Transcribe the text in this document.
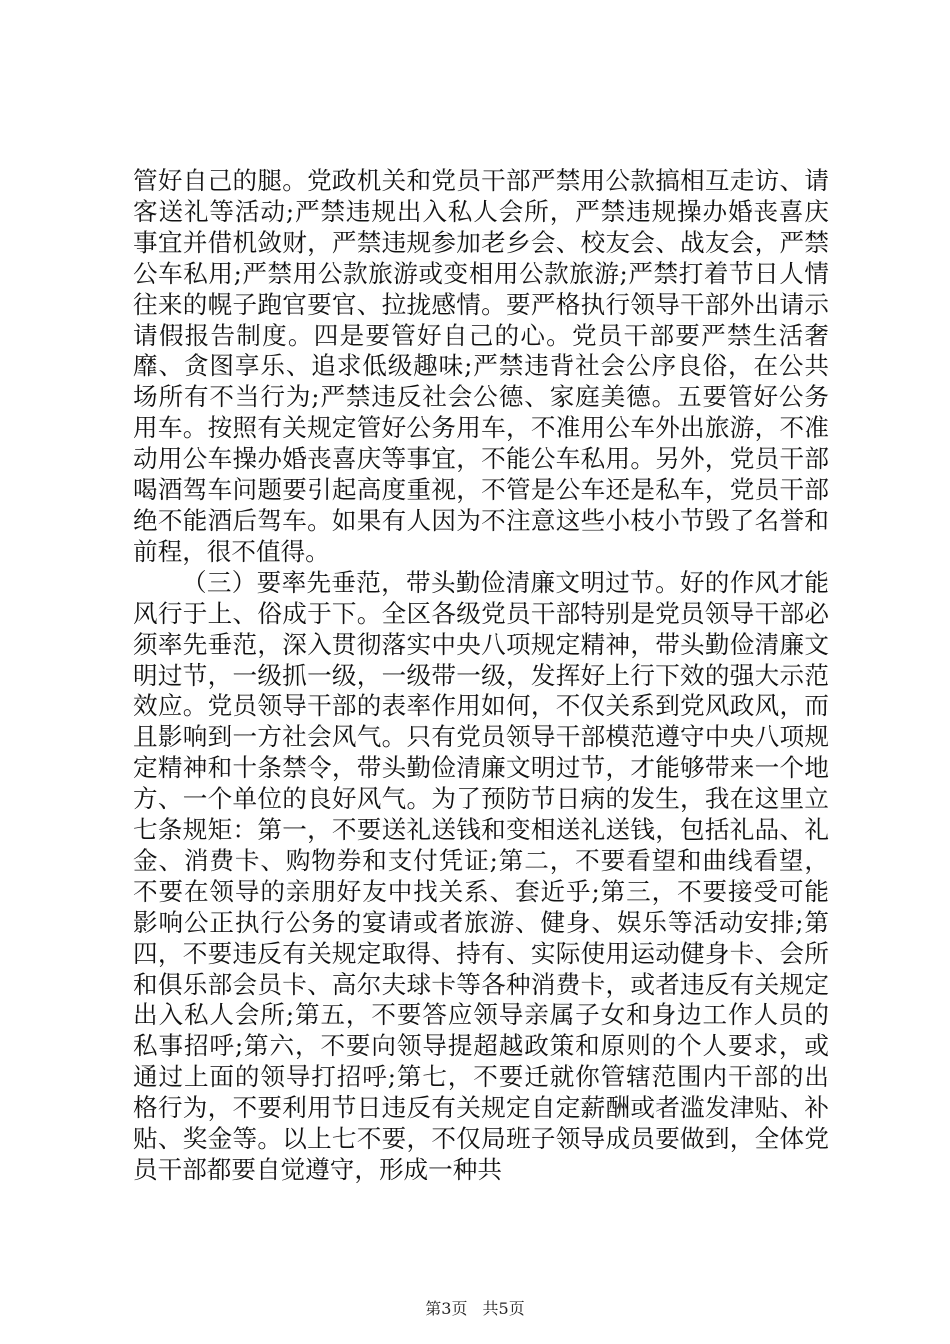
管好自己的腿。党政机关和党员干部严禁用公款搞相互走访、请客送礼等活动;严禁违规出入私人会所，严禁违规操办婚丧喜庆事宜并借机敛财，严禁违规参加老乡会、校友会、战友会，严禁公车私用;严禁用公款旅游或变相用公款旅游;严禁打着节日人情往来的幌子跑官要官、拉拢感情。要严格执行领导干部外出请示请假报告制度。四是要管好自己的心。党员干部要严禁生活奢靡、贪图享乐、追求低级趣味;严禁违背社会公序良俗，在公共场所有不当行为;严禁违反社会公德、家庭美德。五要管好公务用车。按照有关规定管好公务用车，不准用公车外出旅游，不准动用公车操办婚丧喜庆等事宜，不能公车私用。另外，党员干部喝酒驾车问题要引起高度重视，不管是公车还是私车，党员干部绝不能酒后驾车。如果有人因为不注意这些小枝小节毁了名誉和前程，很不值得。

（三）要率先垂范，带头勤俭清廉文明过节。好的作风才能风行于上、俗成于下。全区各级党员干部特别是党员领导干部必须率先垂范，深入贯彻落实中央八项规定精神，带头勤俭清廉文明过节，一级抓一级，一级带一级，发挥好上行下效的强大示范效应。党员领导干部的表率作用如何，不仅关系到党风政风，而且影响到一方社会风气。只有党员领导干部模范遵守中央八项规定精神和十条禁令，带头勤俭清廉文明过节，才能够带来一个地方、一个单位的良好风气。为了预防节日病的发生，我在这里立七条规矩：第一，不要送礼送钱和变相送礼送钱，包括礼品、礼金、消费卡、购物券和支付凭证;第二，不要看望和曲线看望，不要在领导的亲朋好友中找关系、套近乎;第三，不要接受可能影响公正执行公务的宴请或者旅游、健身、娱乐等活动安排;第四，不要违反有关规定取得、持有、实际使用运动健身卡、会所和俱乐部会员卡、高尔夫球卡等各种消费卡，或者违反有关规定出入私人会所;第五，不要答应领导亲属子女和身边工作人员的私事招呼;第六，不要向领导提超越政策和原则的个人要求，或通过上面的领导打招呼;第七，不要迁就你管辖范围内干部的出格行为，不要利用节日违反有关规定自定薪酬或者滥发津贴、补贴、奖金等。以上七不要，不仅局班子领导成员要做到，全体党员干部都要自觉遵守，形成一种共

第3页 共5页
